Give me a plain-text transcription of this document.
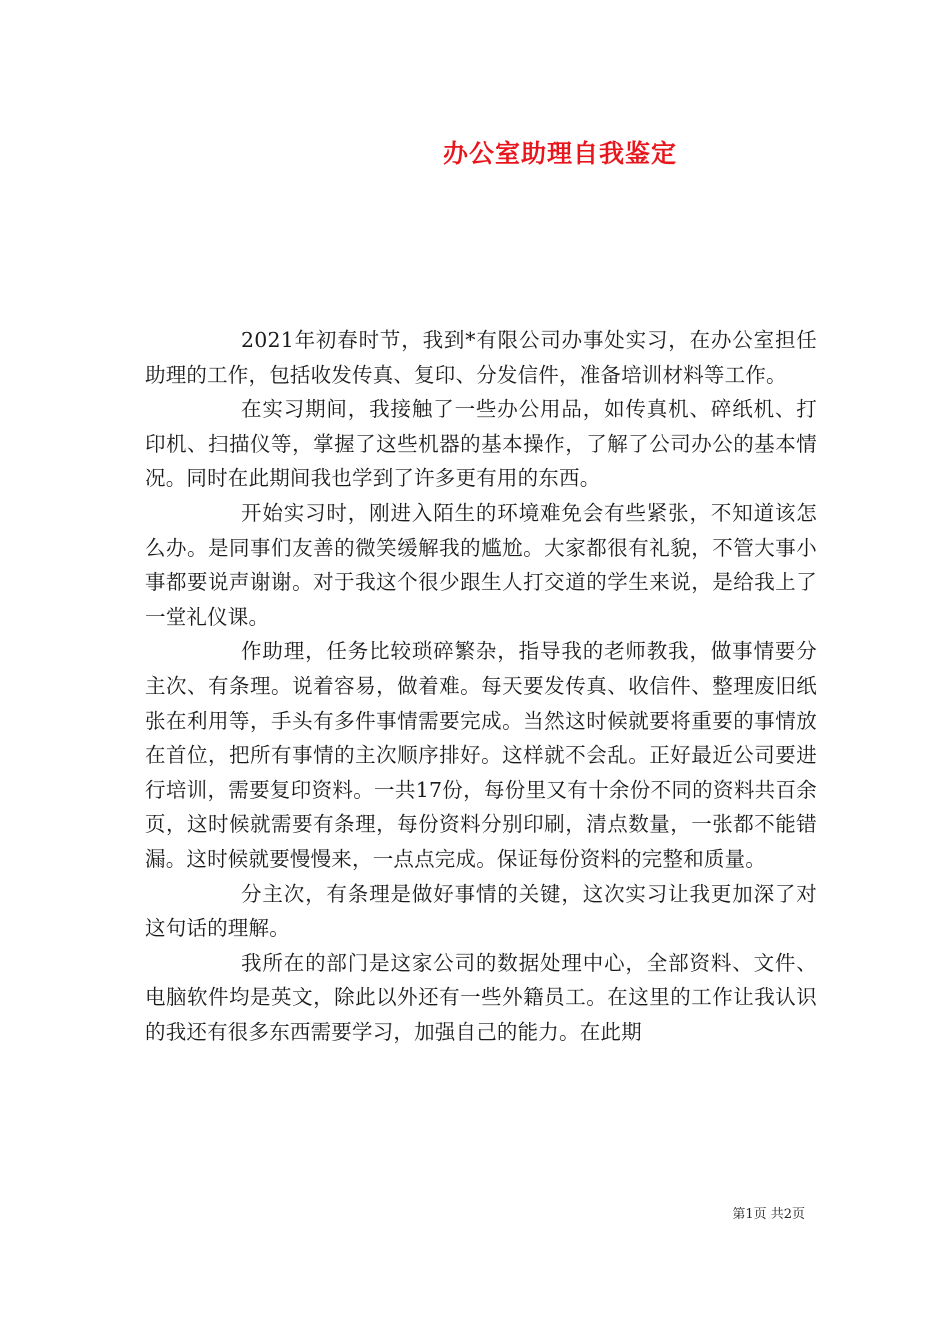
办公室助理自我鉴定

2021年初春时节，我到*有限公司办事处实习，在办公室担任助理的工作，包括收发传真、复印、分发信件，准备培训材料等工作。

在实习期间，我接触了一些办公用品，如传真机、碎纸机、打印机、扫描仪等，掌握了这些机器的基本操作，了解了公司办公的基本情况。同时在此期间我也学到了许多更有用的东西。

开始实习时，刚进入陌生的环境难免会有些紧张，不知道该怎么办。是同事们友善的微笑缓解我的尴尬。大家都很有礼貌，不管大事小事都要说声谢谢。对于我这个很少跟生人打交道的学生来说，是给我上了一堂礼仪课。

作助理，任务比较琐碎繁杂，指导我的老师教我，做事情要分主次、有条理。说着容易，做着难。每天要发传真、收信件、整理废旧纸张在利用等，手头有多件事情需要完成。当然这时候就要将重要的事情放在首位，把所有事情的主次顺序排好。这样就不会乱。正好最近公司要进行培训，需要复印资料。一共17份，每份里又有十余份不同的资料共百余页，这时候就需要有条理，每份资料分别印刷，清点数量，一张都不能错漏。这时候就要慢慢来，一点点完成。保证每份资料的完整和质量。

分主次，有条理是做好事情的关键，这次实习让我更加深了对这句话的理解。

我所在的部门是这家公司的数据处理中心，全部资料、文件、电脑软件均是英文，除此以外还有一些外籍员工。在这里的工作让我认识的我还有很多东西需要学习，加强自己的能力。在此期

第1页 共2页
